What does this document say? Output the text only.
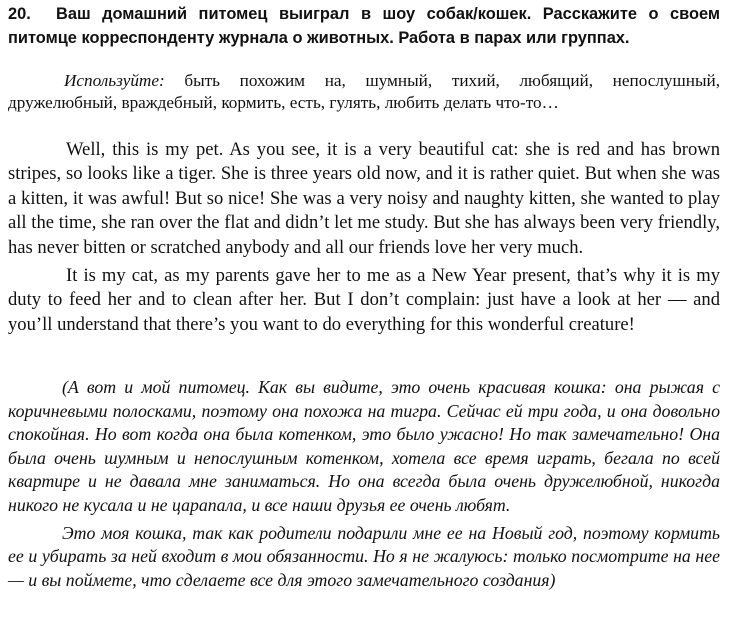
20. Ваш домашний питомец выиграл в шоу собак/кошек. Расскажите о своем питомце корреспонденту журнала о животных. Работа в парах или группах.
Используйте: быть похожим на, шумный, тихий, любящий, непослушный, дружелюбный, враждебный, кормить, есть, гулять, любить делать что-то…

Well, this is my pet. As you see, it is a very beautiful cat: she is red and has brown stripes, so looks like a tiger. She is three years old now, and it is rather quiet. But when she was a kitten, it was awful! But so nice! She was a very noisy and naughty kitten, she wanted to play all the time, she ran over the flat and didn’t let me study. But she has always been very friendly, has never bitten or scratched anybody and all our friends love her very much.

It is my cat, as my parents gave her to me as a New Year present, that’s why it is my duty to feed her and to clean after her. But I don’t complain: just have a look at her — and you’ll understand that there’s you want to do everything for this wonderful creature!

(А вот и мой питомец. Как вы видите, это очень красивая кошка: она рыжая с коричневыми полосками, поэтому она похожа на тигра. Сейчас ей три года, и она довольно спокойная. Но вот когда она была котенком, это было ужасно! Но так замечательно! Она была очень шумным и непослушным котенком, хотела все время играть, бегала по всей квартире и не давала мне заниматься. Но она всегда была очень дружелюбной, никогда никого не кусала и не царапала, и все наши друзья ее очень любят.

Это моя кошка, так как родители подарили мне ее на Новый год, поэтому кормить ее и убирать за ней входит в мои обязанности. Но я не жалуюсь: только посмотрите на нее — и вы поймете, что сделаете все для этого замечательного создания)
